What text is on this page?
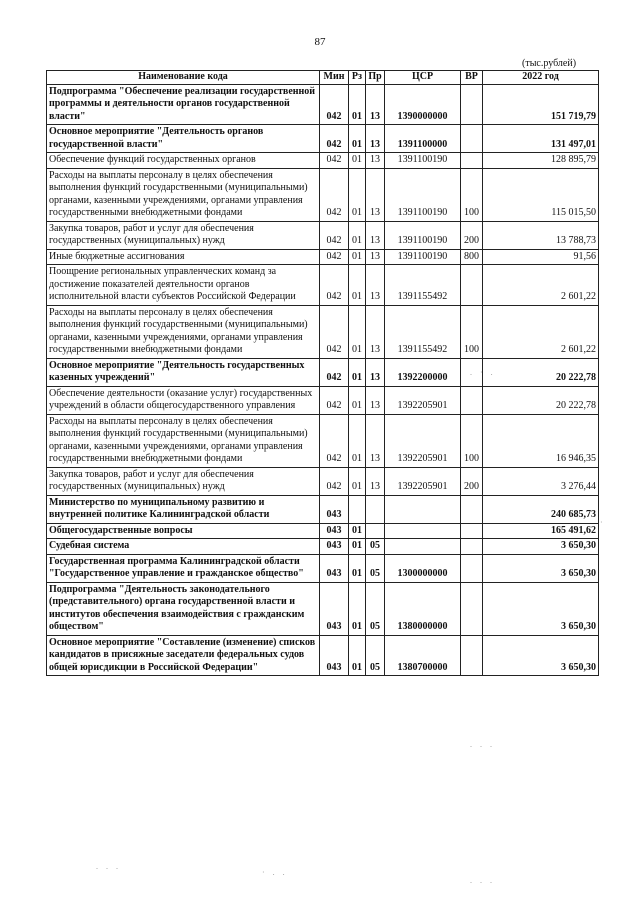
87
(тыс.рублей)
Наименование кода	Мин	Рз	Пр	ЦСР	ВР	2022 год
Подпрограмма "Обеспечение реализации государственной программы и деятельности органов государственной власти"	042	01	13	1390000000		151 719,79
Основное мероприятие "Деятельность органов государственной власти"	042	01	13	1391100000		131 497,01
Обеспечение функций государственных органов	042	01	13	1391100190		128 895,79
Расходы на выплаты персоналу в целях обеспечения выполнения функций государственными (муниципальными) органами, казенными учреждениями, органами управления государственными внебюджетными фондами	042	01	13	1391100190	100	115 015,50
Закупка товаров, работ и услуг для обеспечения государственных (муниципальных) нужд	042	01	13	1391100190	200	13 788,73
Иные бюджетные ассигнования	042	01	13	1391100190	800	91,56
Поощрение региональных управленческих команд за достижение показателей деятельности органов исполнительной власти субъектов Российской Федерации	042	01	13	1391155492		2 601,22
Расходы на выплаты персоналу в целях обеспечения выполнения функций государственными (муниципальными) органами, казенными учреждениями, органами управления государственными внебюджетными фондами	042	01	13	1391155492	100	2 601,22
Основное мероприятие "Деятельность государственных казенных учреждений"	042	01	13	1392200000		20 222,78
Обеспечение деятельности (оказание услуг) государственных учреждений в области общегосударственного управления	042	01	13	1392205901		20 222,78
Расходы на выплаты персоналу в целях обеспечения выполнения функций государственными (муниципальными) органами, казенными учреждениями, органами управления государственными внебюджетными фондами	042	01	13	1392205901	100	16 946,35
Закупка товаров, работ и услуг для обеспечения государственных (муниципальных) нужд	042	01	13	1392205901	200	3 276,44
Министерство по муниципальному развитию и внутренней политике Калининградской области	043					240 685,73
Общегосударственные вопросы	043	01				165 491,62
Судебная система	043	01	05			3 650,30
Государственная программа Калининградской области "Государственное управление и гражданское общество"	043	01	05	1300000000		3 650,30
Подпрограмма "Деятельность законодательного (представительного) органа государственной власти и институтов обеспечения взаимодействия с гражданским обществом"	043	01	05	1380000000		3 650,30
Основное мероприятие "Составление (изменение) списков кандидатов в присяжные заседатели федеральных судов общей юрисдикции в Российской Федерации"	043	01	05	1380700000		3 650,30
. · .
·
. . .
. . .
· . .
. . .
